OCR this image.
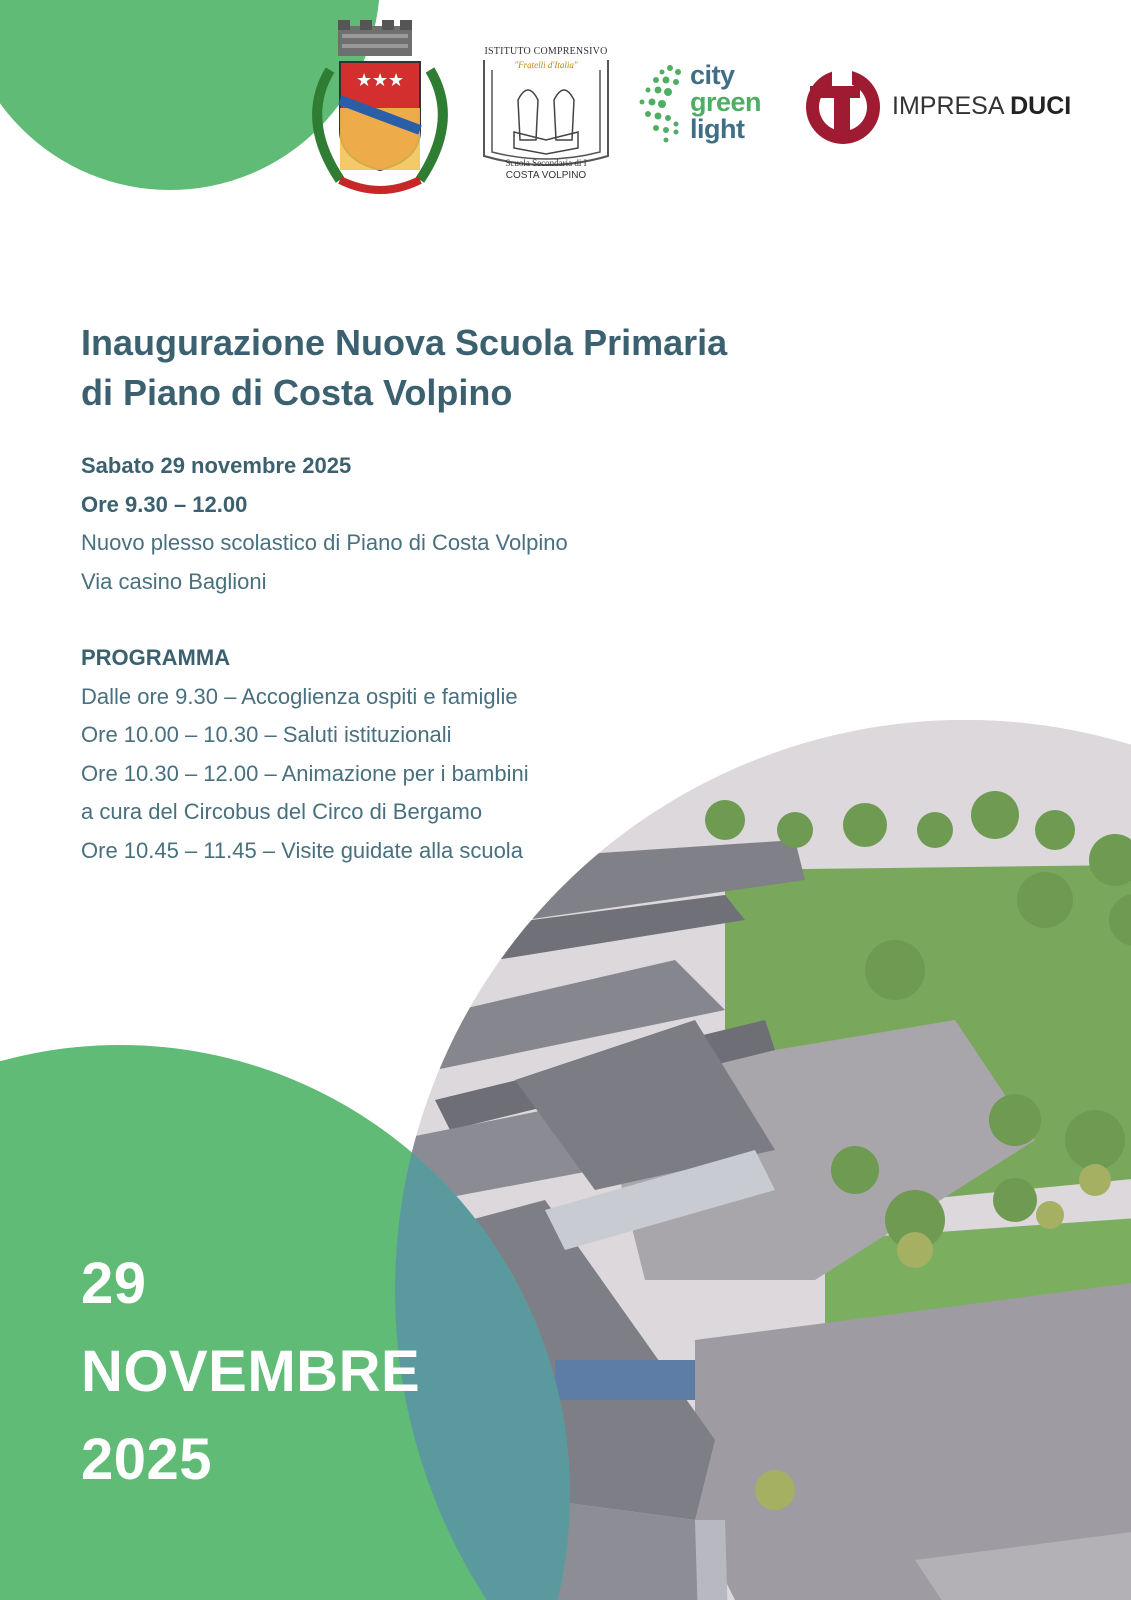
★ ★ ★
ISTITUTO COMPRENSIVO
"Fratelli d'Italia"
Scuola Secondaria di I
COSTA VOLPINO
city
green
light
IMPRESA DUCI
Inaugurazione Nuova Scuola Primaria
di Piano di Costa Volpino
Sabato 29 novembre 2025
Ore 9.30 – 12.00
Nuovo plesso scolastico di Piano di Costa Volpino
Via casino Baglioni
PROGRAMMA
Dalle ore 9.30 – Accoglienza ospiti e famiglie
Ore 10.00 – 10.30 – Saluti istituzionali
Ore 10.30 – 12.00 – Animazione per i bambini
a cura del Circobus del Circo di Bergamo
Ore 10.45 – 11.45 – Visite guidate alla scuola
29
NOVEMBRE
2025
